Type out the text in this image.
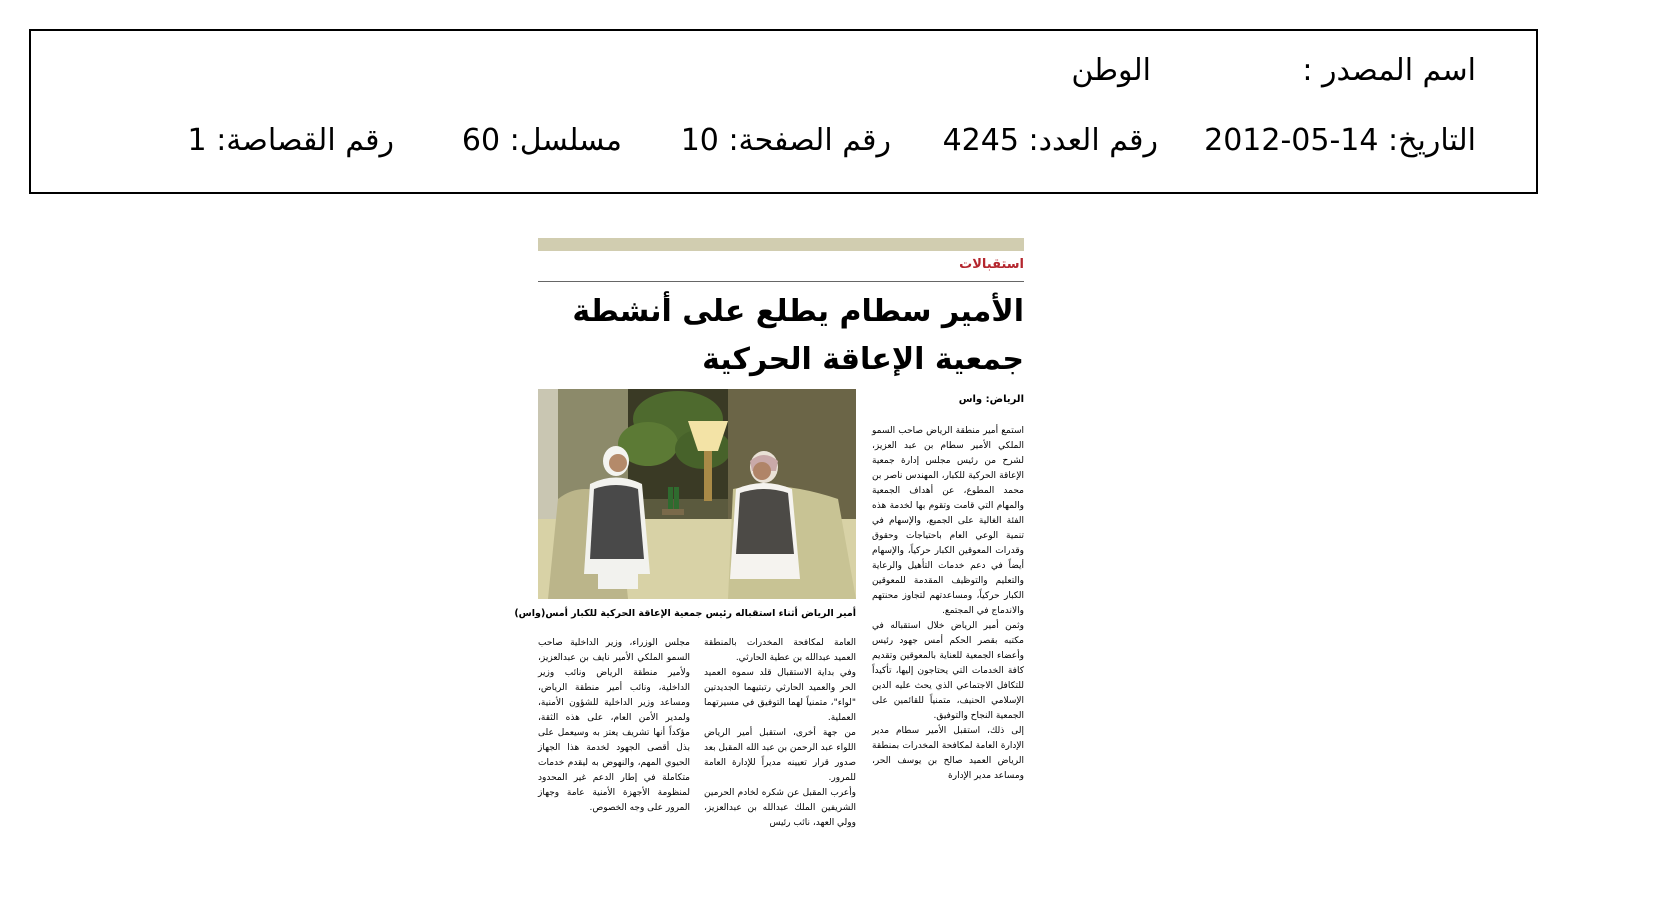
اسم المصدر :
الوطن
التاريخ: 2012-05-14
رقم العدد: 4245
رقم الصفحة: 10
مسلسل: 60
رقم القصاصة: 1
استقبالات
الأمير سطام يطلع على أنشطة جمعية الإعاقة الحركية
الرياض: واس
أمير الرياض أثناء استقباله رئيس جمعية الإعاقة الحركية للكبار أمس
(واس)

استمع أمير منطقة الرياض صاحب السمو الملكي الأمير سطام بن عبد العزيز، لشرح من رئيس مجلس إدارة جمعية الإعاقة الحركية للكبار، المهندس ناصر بن محمد المطوع، عن أهداف الجمعية والمهام التي قامت وتقوم بها لخدمة هذه الفئة الغالية على الجميع، والإسهام في تنمية الوعي العام باحتياجات وحقوق وقدرات المعوقين الكبار حركياً، والإسهام أيضاً في دعم خدمات التأهيل والرعاية والتعليم والتوظيف المقدمة للمعوقين الكبار حركياً، ومساعدتهم لتجاوز محنتهم والاندماج في المجتمع.

وثمن أمير الرياض خلال استقباله في مكتبه بقصر الحكم أمس جهود رئيس وأعضاء الجمعية للعناية بالمعوقين وتقديم كافة الخدمات التي يحتاجون إليها، تأكيداً للتكافل الاجتماعي الذي يحث عليه الدين الإسلامي الحنيف، متمنياً للقائمين على الجمعية النجاح والتوفيق.

إلى ذلك، استقبل الأمير سطام مدير الإدارة العامة لمكافحة المخدرات بمنطقة الرياض العميد صالح بن يوسف الحر، ومساعد مدير الإدارة

العامة لمكافحة المخدرات بالمنطقة العميد عبدالله بن عطية الحارثي.

وفي بداية الاستقبال قلد سموه العميد الحر والعميد الحارثي رتبتيهما الجديدتين "لواء"، متمنياً لهما التوفيق في مسيرتهما العملية.

من جهة أخرى، استقبل أمير الرياض اللواء عبد الرحمن بن عبد الله المقبل بعد صدور قرار تعيينه مديراً للإدارة العامة للمرور.

وأعرب المقبل عن شكره لخادم الحرمين الشريفين الملك عبدالله بن عبدالعزيز، وولي العهد، نائب رئيس

مجلس الوزراء، وزير الداخلية صاحب السمو الملكي الأمير نايف بن عبدالعزيز، ولأمير منطقة الرياض ونائب وزير الداخلية، ونائب أمير منطقة الرياض، ومساعد وزير الداخلية للشؤون الأمنية، ولمدير الأمن العام، على هذه الثقة، مؤكداً أنها تشريف يعتز به وسيعمل على بذل أقصى الجهود لخدمة هذا الجهاز الحيوي المهم، والنهوض به ليقدم خدمات متكاملة في إطار الدعم غير المحدود لمنظومة الأجهزة الأمنية عامة وجهاز المرور على وجه الخصوص.
